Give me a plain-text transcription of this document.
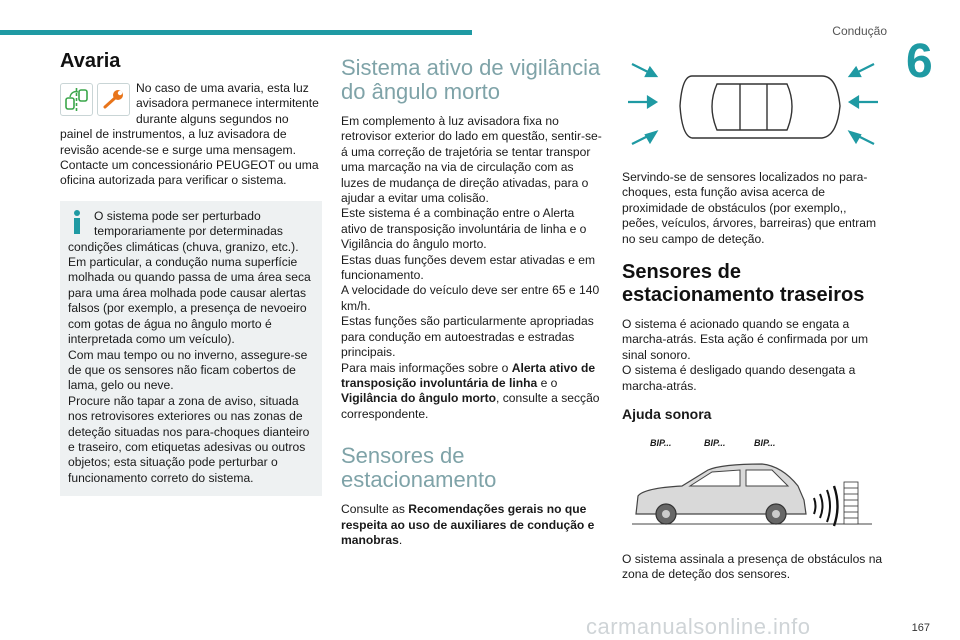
Condução
6
Avaria

No caso de uma avaria, esta luz avisadora permanece intermitente durante alguns segundos no painel de instrumentos, a luz avisadora de revisão acende-se e surge uma mensagem.

Contacte um concessionário PEUGEOT ou uma oficina autorizada para verificar o sistema.

O sistema pode ser perturbado temporariamente por determinadas condições climáticas (chuva, granizo, etc.).
Em particular, a condução numa superfície molhada ou quando passa de uma área seca para uma área molhada pode causar alertas falsos (por exemplo, a presença de nevoeiro com gotas de água no ângulo morto é interpretada como um veículo).
Com mau tempo ou no inverno, assegure-se de que os sensores não ficam cobertos de lama, gelo ou neve.
Procure não tapar a zona de aviso, situada nos retrovisores exteriores ou nas zonas de deteção situadas nos para-choques dianteiro e traseiro, com etiquetas adesivas ou outros objetos; esta situação pode perturbar o funcionamento correto do sistema.

Sistema ativo de vigilância do ângulo morto

Em complemento à luz avisadora fixa no retrovisor exterior do lado em questão, sentir-se-á uma correção de trajetória se tentar transpor uma marcação na via de circulação com as luzes de mudança de direção ativadas, para o ajudar a evitar uma colisão.

Este sistema é a combinação entre o Alerta ativo de transposição involuntária de linha e o Vigilância do ângulo morto.

Estas duas funções devem estar ativadas e em funcionamento.

A velocidade do veículo deve ser entre 65 e 140 km/h.

Estas funções são particularmente apropriadas para condução em autoestradas e estradas principais.

Para mais informações sobre o Alerta ativo de transposição involuntária de linha e o Vigilância do ângulo morto, consulte a secção correspondente.

Sensores de estacionamento

Consulte as Recomendações gerais no que respeita ao uso de auxiliares de condução e manobras.

Servindo-se de sensores localizados no para-choques, esta função avisa acerca de proximidade de obstáculos (por exemplo,, peões, veículos, árvores, barreiras) que entram no seu campo de deteção.

Sensores de estacionamento traseiros

O sistema é acionado quando se engata a marcha-atrás. Esta ação é confirmada por um sinal sonoro.

O sistema é desligado quando desengata a marcha-atrás.

Ajuda sonora
BIP...	BIP...	BIP...

O sistema assinala a presença de obstáculos na zona de deteção dos sensores.

carmanualsonline.info	167
